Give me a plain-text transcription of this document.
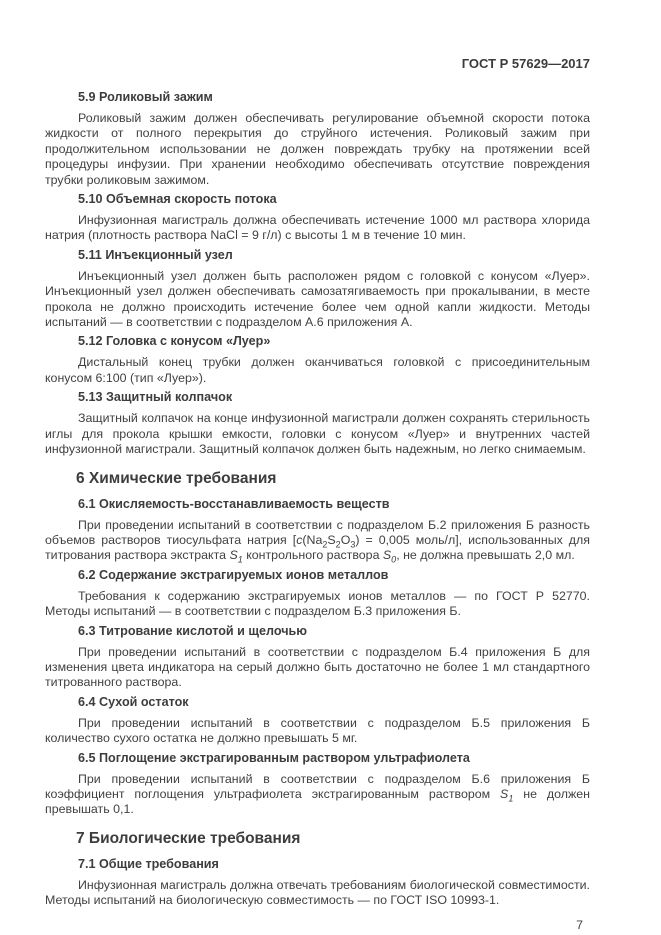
ГОСТ Р 57629—2017
5.9 Роликовый зажим

Роликовый зажим должен обеспечивать регулирование объемной скорости потока жидкости от полного перекрытия до струйного истечения. Роликовый зажим при продолжительном использовании не должен повреждать трубку на протяжении всей процедуры инфузии. При хранении необходимо обеспечивать отсутствие повреждения трубки роликовым зажимом.

5.10 Объемная скорость потока

Инфузионная магистраль должна обеспечивать истечение 1000 мл раствора хлорида натрия (плотность раствора NaCl = 9 г/л) с высоты 1 м в течение 10 мин.

5.11 Инъекционный узел

Инъекционный узел должен быть расположен рядом с головкой с конусом «Луер». Инъекционный узел должен обеспечивать самозатягиваемость при прокалывании, в месте прокола не должно происходить истечение более чем одной капли жидкости. Методы испытаний — в соответствии с подразделом А.6 приложения А.

5.12 Головка с конусом «Луер»

Дистальный конец трубки должен оканчиваться головкой с присоединительным конусом 6:100 (тип «Луер»).

5.13 Защитный колпачок

Защитный колпачок на конце инфузионной магистрали должен сохранять стерильность иглы для прокола крышки емкости, головки с конусом «Луер» и внутренних частей инфузионной магистрали. Защитный колпачок должен быть надежным, но легко снимаемым.

6 Химические требования
6.1 Окисляемость-восстанавливаемость веществ

При проведении испытаний в соответствии с подразделом Б.2 приложения Б разность объемов растворов тиосульфата натрия [$c(Na_2S_2O_3) = 0,005$ моль/л], использованных для титрования раствора экстракта $S_1$ контрольного раствора $S_0$, не должна превышать 2,0 мл.

6.2 Содержание экстрагируемых ионов металлов

Требования к содержанию экстрагируемых ионов металлов — по ГОСТ Р 52770. Методы испытаний — в соответствии с подразделом Б.3 приложения Б.

6.3 Титрование кислотой и щелочью

При проведении испытаний в соответствии с подразделом Б.4 приложения Б для изменения цвета индикатора на серый должно быть достаточно не более 1 мл стандартного титрованного раствора.

6.4 Сухой остаток

При проведении испытаний в соответствии с подразделом Б.5 приложения Б количество сухого остатка не должно превышать 5 мг.

6.5 Поглощение экстрагированным раствором ультрафиолета

При проведении испытаний в соответствии с подразделом Б.6 приложения Б коэффициент поглощения ультрафиолета экстрагированным раствором $S_1$ не должен превышать 0,1.

7 Биологические требования
7.1 Общие требования

Инфузионная магистраль должна отвечать требованиям биологической совместимости. Методы испытаний на биологическую совместимость — по ГОСТ ISO 10993-1.

7
